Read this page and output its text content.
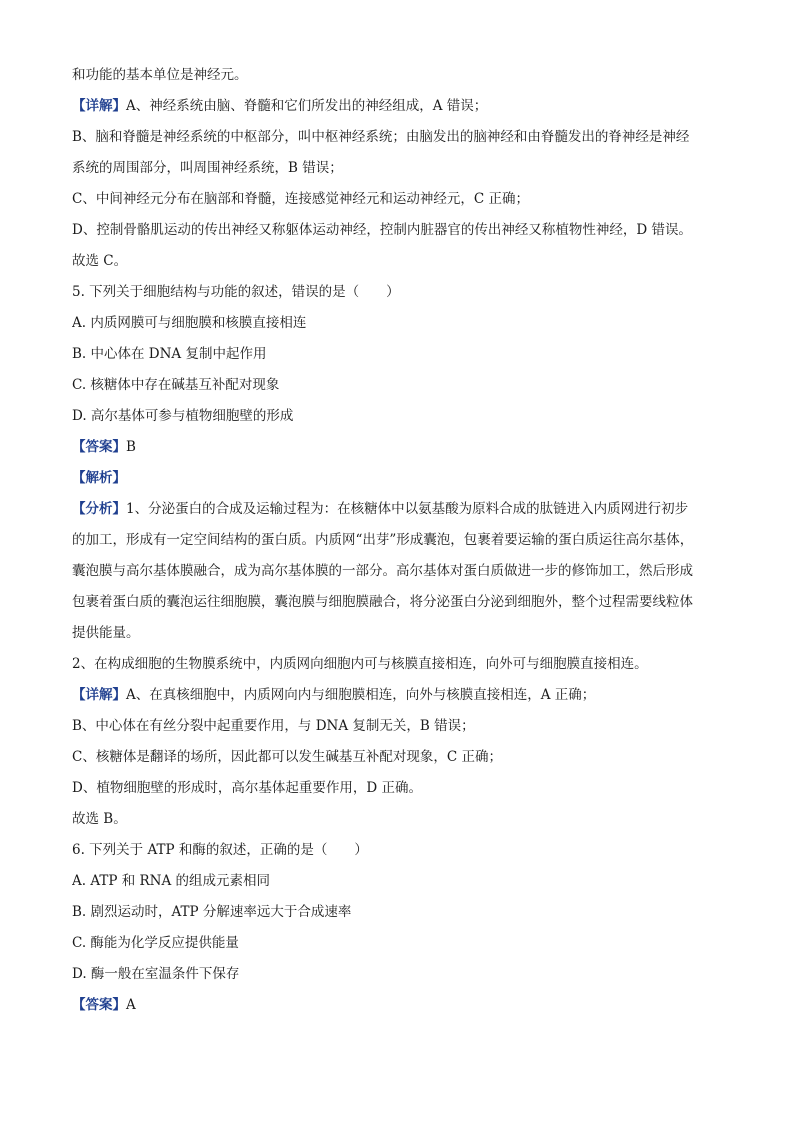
和功能的基本单位是神经元。
【详解】A、神经系统由脑、脊髓和它们所发出的神经组成，A 错误；
B、脑和脊髓是神经系统的中枢部分，叫中枢神经系统；由脑发出的脑神经和由脊髓发出的脊神经是神经
系统的周围部分，叫周围神经系统，B 错误；
C、中间神经元分布在脑部和脊髓，连接感觉神经元和运动神经元，C 正确；
D、控制骨骼肌运动的传出神经又称躯体运动神经，控制内脏器官的传出神经又称植物性神经，D 错误。
故选 C。
5. 下列关于细胞结构与功能的叙述，错误的是（　　）
A. 内质网膜可与细胞膜和核膜直接相连
B. 中心体在 DNA 复制中起作用
C. 核糖体中存在碱基互补配对现象
D. 高尔基体可参与植物细胞壁的形成
【答案】B
【解析】
【分析】1、分泌蛋白的合成及运输过程为：在核糖体中以氨基酸为原料合成的肽链进入内质网进行初步
的加工，形成有一定空间结构的蛋白质。内质网“出芽”形成囊泡，包裹着要运输的蛋白质运往高尔基体，
囊泡膜与高尔基体膜融合，成为高尔基体膜的一部分。高尔基体对蛋白质做进一步的修饰加工，然后形成
包裹着蛋白质的囊泡运往细胞膜，囊泡膜与细胞膜融合，将分泌蛋白分泌到细胞外，整个过程需要线粒体
提供能量。
2、在构成细胞的生物膜系统中，内质网向细胞内可与核膜直接相连，向外可与细胞膜直接相连。
【详解】A、在真核细胞中，内质网向内与细胞膜相连，向外与核膜直接相连，A 正确；
B、中心体在有丝分裂中起重要作用，与 DNA 复制无关，B 错误；
C、核糖体是翻译的场所，因此都可以发生碱基互补配对现象，C 正确；
D、植物细胞壁的形成时，高尔基体起重要作用，D 正确。
故选 B。
6. 下列关于 ATP 和酶的叙述，正确的是（　　）
A. ATP 和 RNA 的组成元素相同
B. 剧烈运动时，ATP 分解速率远大于合成速率
C. 酶能为化学反应提供能量
D. 酶一般在室温条件下保存
【答案】A
